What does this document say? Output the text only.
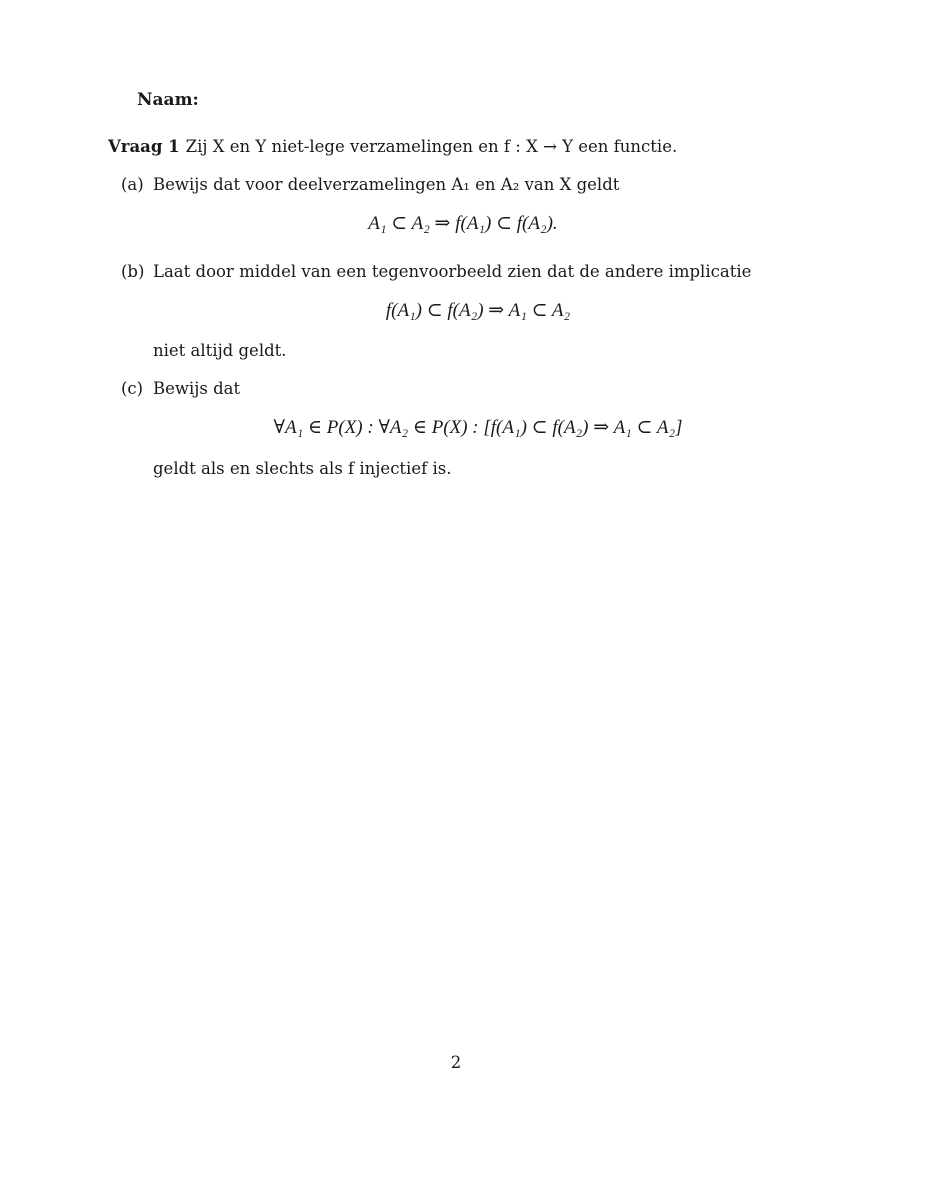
Naam:
Vraag 1 Zij X en Y niet-lege verzamelingen en f : X → Y een functie.
(a) Bewijs dat voor deelverzamelingen A₁ en A₂ van X geldt
A₁ ⊂ A₂ ⇒ f(A₁) ⊂ f(A₂).
(b) Laat door middel van een tegenvoorbeeld zien dat de andere implicatie
f(A₁) ⊂ f(A₂) ⇒ A₁ ⊂ A₂
niet altijd geldt.
(c) Bewijs dat
∀A₁ ∈ P(X) : ∀A₂ ∈ P(X) : [f(A₁) ⊂ f(A₂) ⇒ A₁ ⊂ A₂]
geldt als en slechts als f injectief is.
2
